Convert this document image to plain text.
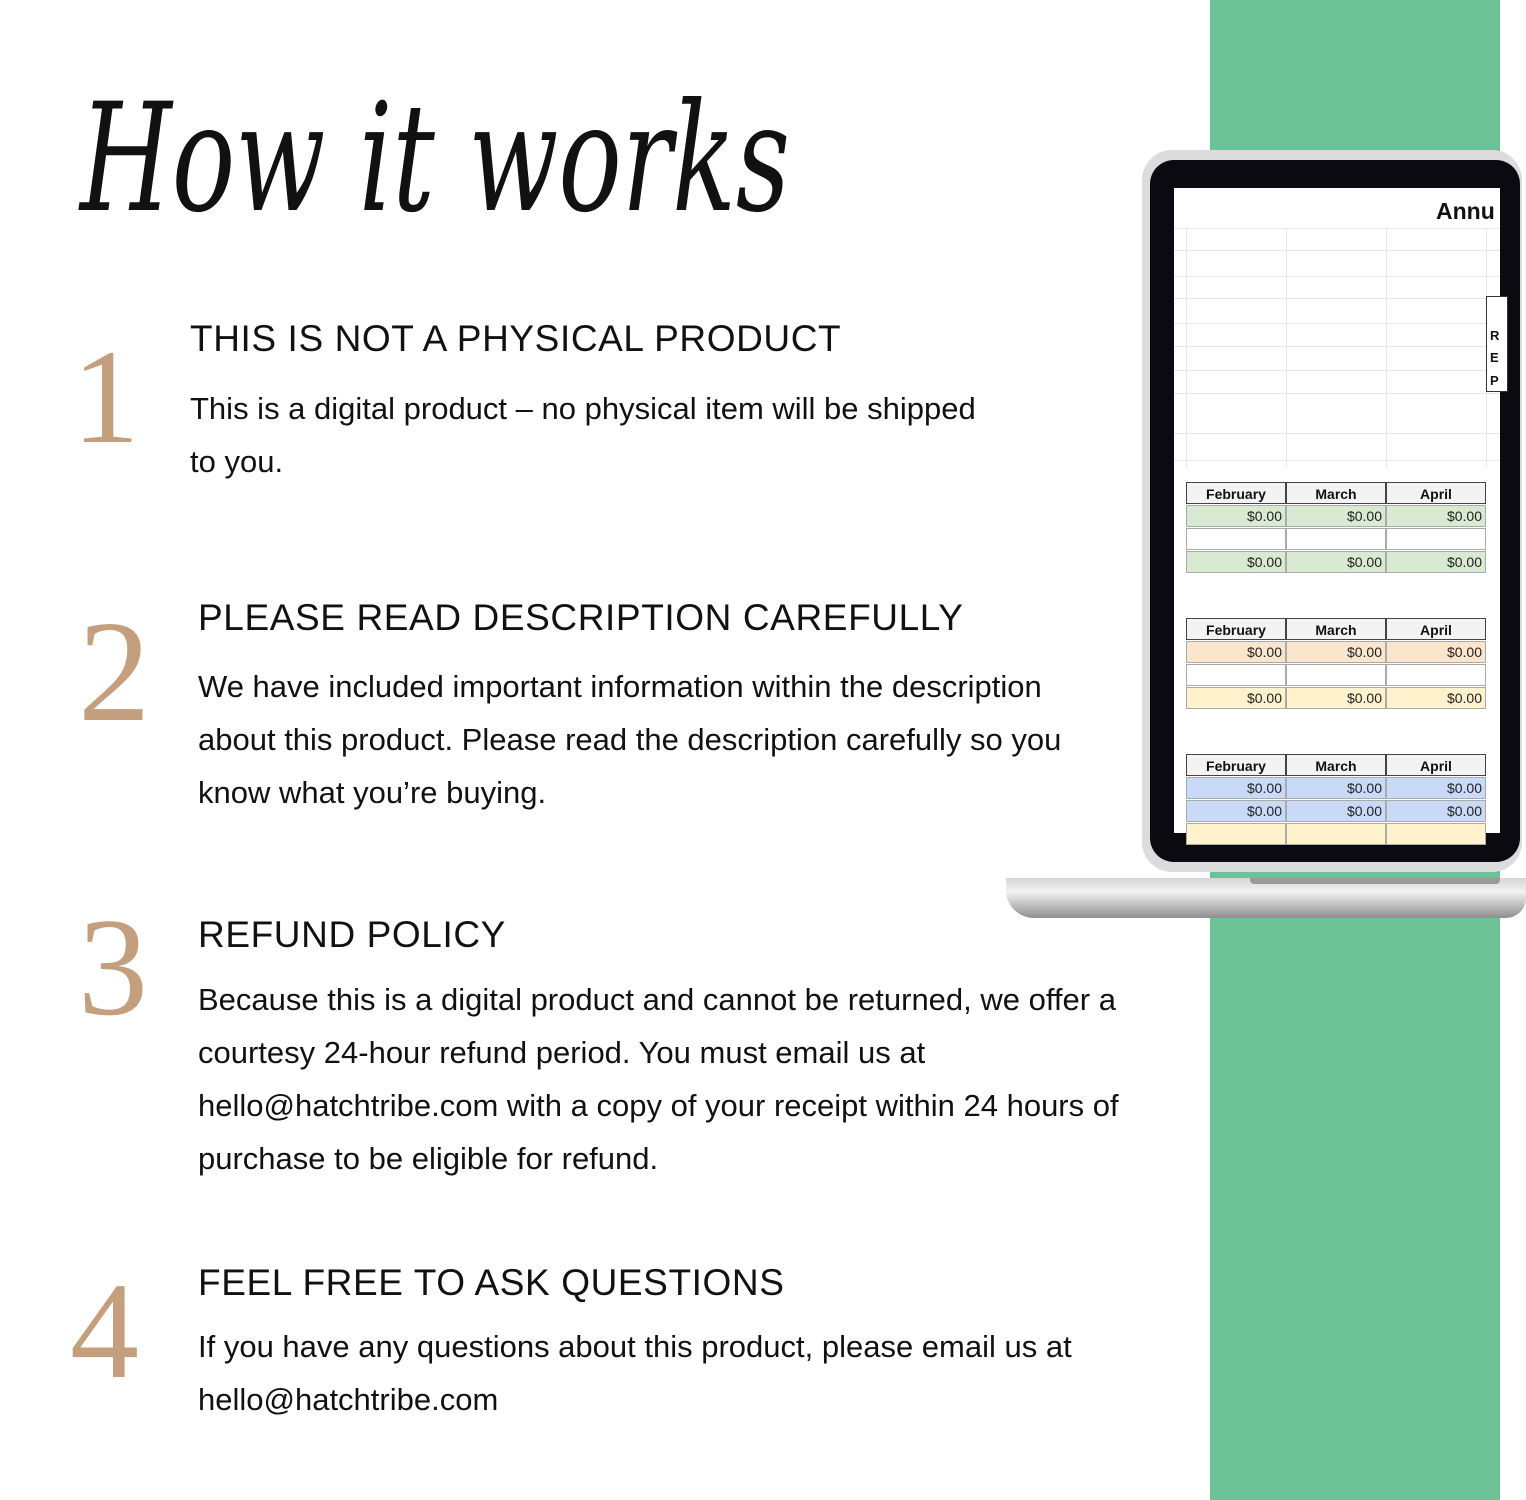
How it works
1 THIS IS NOT A PHYSICAL PRODUCT
This is a digital product – no physical item will be shipped to you.
2 PLEASE READ DESCRIPTION CAREFULLY
We have included important information within the description about this product. Please read the description carefully so you know what you’re buying.
3 REFUND POLICY
Because this is a digital product and cannot be returned, we offer a courtesy 24-hour refund period. You must email us at hello@hatchtribe.com with a copy of your receipt within 24 hours of purchase to be eligible for refund.
4 FEEL FREE TO ASK QUESTIONS
If you have any questions about this product, please email us at hello@hatchtribe.com
Annu
R
E
P
February	March	April
$0.00	$0.00	$0.00
$0.00	$0.00	$0.00
February	March	April
$0.00	$0.00	$0.00
$0.00	$0.00	$0.00
February	March	April
$0.00	$0.00	$0.00
$0.00	$0.00	$0.00
